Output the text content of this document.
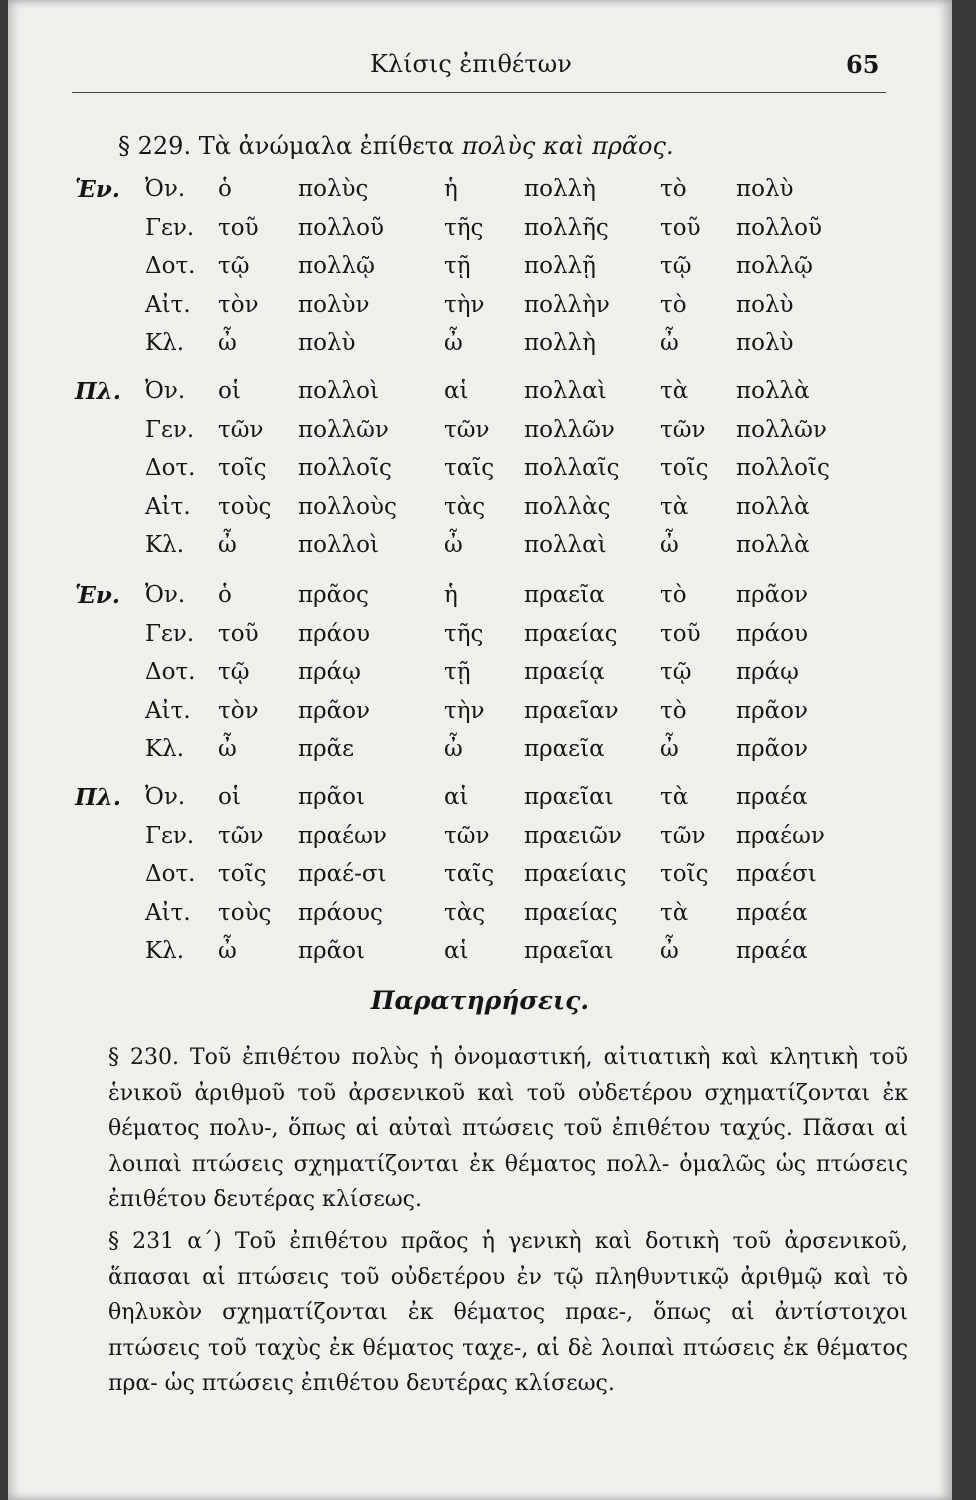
Κλίσις ἐπιθέτων	65
§ 229. Τὰ ἀνώμαλα ἐπίθετα πολὺς καὶ πρᾶος.
Ἑν. Ὀν. ὁ	πολὺς	ἡ	πολλὴ	τὸ πολὺ
Γεν. τοῦ πολλοῦ	τῆς πολλῆς τοῦ πολλοῦ
Δοτ. τῷ πολλῷ	τῇ πολλῇ	τῷ πολλῷ
Αἰτ. τὸν πολὺν	τὴν πολλὴν τὸ πολὺ
Κλ. ὦ	πολὺ	ὦ	πολλὴ	ὦ πολὺ
Πλ. Ὀν. οἱ πολλοὶ	αἱ πολλαὶ τὰ πολλὰ
Γεν. τῶν πολλῶν τῶν πολλῶν τῶν πολλῶν
Δοτ. τοῖς πολλοῖς ταῖς πολλαῖς τοῖς πολλοῖς
Αἰτ. τοὺς πολλοὺς τὰς πολλὰς τὰ πολλὰ
Κλ. ὦ	πολλοὶ	ὦ	πολλαὶ ὦ πολλὰ
Ἑν. Ὀν. ὁ	πρᾶος	ἡ	πραεῖα τὸ πρᾶον
Γεν. τοῦ πράου	τῆς πραείας τοῦ πράου
Δοτ. τῷ πράῳ	τῇ πραείᾳ τῷ πράῳ
Αἰτ. τὸν πρᾶον	τὴν πραεῖαν τὸ πρᾶον
Κλ. ὦ	πρᾶε	ὦ	πραεῖα ὦ πρᾶον
Πλ. Ὀν. οἱ πρᾶοι	αἱ πραεῖαι τὰ πραέα
Γεν. τῶν πραέων τῶν πραειῶν τῶν πραέων
Δοτ. τοῖς πραέ-σι ταῖς πραείαις τοῖς πραέσι
Αἰτ. τοὺς πράους	τὰς πραείας τὰ πραέα
Κλ. ὦ	πρᾶοι	αἱ πραεῖαι ὦ πραέα
Παρατηρήσεις.
§ 230. Τοῦ ἐπιθέτου πολὺς ἡ ὀνομαστική, αἰτιατικὴ καὶ κλητικὴ τοῦ ἑνικοῦ ἀριθμοῦ τοῦ ἀρσενικοῦ καὶ τοῦ οὐδετέρου σχηματίζονται ἐκ θέματος πολυ-, ὅπως αἱ αὐταὶ πτώσεις τοῦ ἐπιθέτου ταχύς. Πᾶσαι αἱ λοιπαὶ πτώσεις σχηματίζονται ἐκ θέματος πολλ- ὁμαλῶς ὡς πτώσεις ἐπιθέτου δευτέρας κλίσεως.
§ 231 α΄) Τοῦ ἐπιθέτου πρᾶος ἡ γενικὴ καὶ δοτικὴ τοῦ ἀρσενικοῦ, ἅπασαι αἱ πτώσεις τοῦ οὐδετέρου ἐν τῷ πληθυντικῷ ἀριθμῷ καὶ τὸ θηλυκὸν σχηματίζονται ἐκ θέματος πραε-, ὅπως αἱ ἀντίστοιχοι πτώσεις τοῦ ταχὺς ἐκ θέματος ταχε-, αἱ δὲ λοιπαὶ πτώσεις ἐκ θέματος πρα- ὡς πτώσεις ἐπιθέτου δευτέρας κλίσεως.
